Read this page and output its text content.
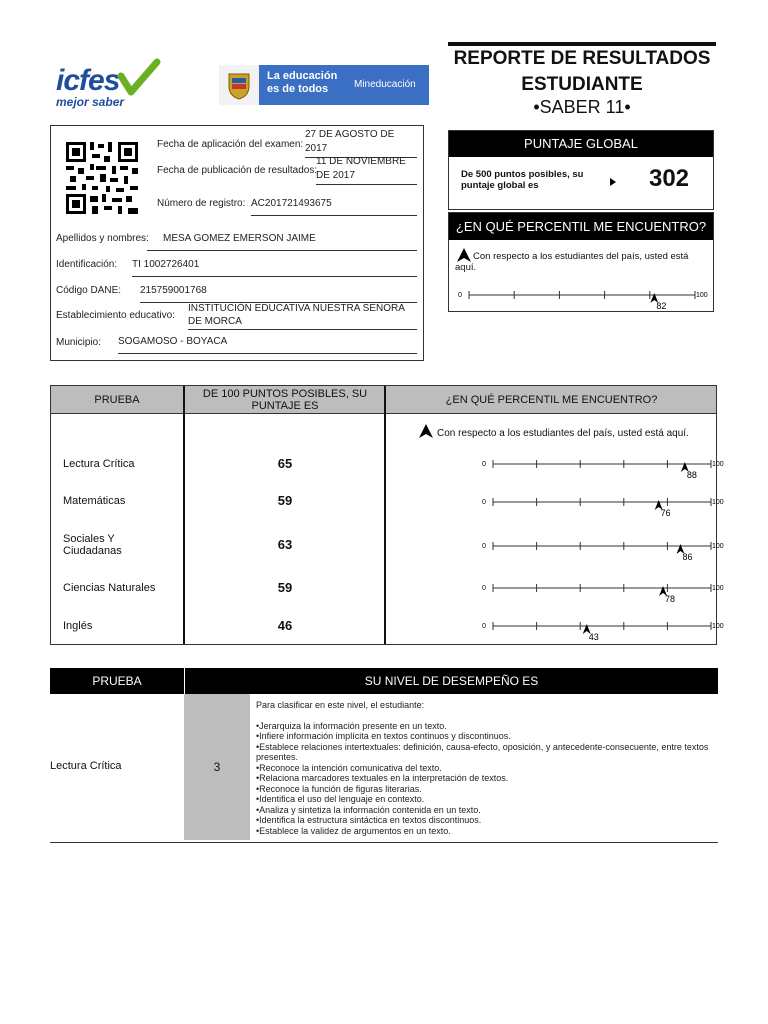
icfes
mejor saber
La educación es de todos	Mineducación
REPORTE DE RESULTADOS ESTUDIANTE
•SABER 11•
Fecha de aplicación del examen:
27 DE AGOSTO DE 2017
Fecha de publicación de resultados:
11 DE NOVIEMBRE DE 2017
Número de registro: AC201721493675
Apellidos y nombres:	MESA GOMEZ EMERSON JAIME
Identificación: TI 1002726401
Código DANE: 215759001768
Establecimiento educativo:
INSTITUCIÓN EDUCATIVA NUESTRA SEÑORA DE MORCA
Municipio: SOGAMOSO - BOYACA
PUNTAJE GLOBAL
De 500 puntos posibles, su puntaje global es	302
¿EN QUÉ PERCENTIL ME ENCUENTRO?
Con respecto a los estudiantes del país, usted está aquí.
0	100
82
PRUEBA	DE 100 PUNTOS POSIBLES, SU PUNTAJE ES	¿EN QUÉ PERCENTIL ME ENCUENTRO?
Con respecto a los estudiantes del país, usted está aquí.
Lectura Crítica	65
Matemáticas	59
Sociales Y Ciudadanas	63
Ciencias Naturales	59
Inglés	46
0	100
88
0	100
76
0	100
86
0	100
78
0	100
43
PRUEBA	SU NIVEL DE DESEMPEÑO ES
Lectura Crítica	3
Para clasificar en este nivel, el estudiante:
•Jerarquiza la información presente en un texto.
•Infiere información implícita en textos continuos y discontinuos.
•Establece relaciones intertextuales: definición, causa-efecto, oposición, y antecedente-consecuente, entre textos presentes.
•Reconoce la intención comunicativa del texto.
•Relaciona marcadores textuales en la interpretación de textos.
•Reconoce la función de figuras literarias.
•Identifica el uso del lenguaje en contexto.
•Analiza y sintetiza la información contenida en un texto.
•Identifica la estructura sintáctica en textos discontinuos.
•Establece la validez de argumentos en un texto.
